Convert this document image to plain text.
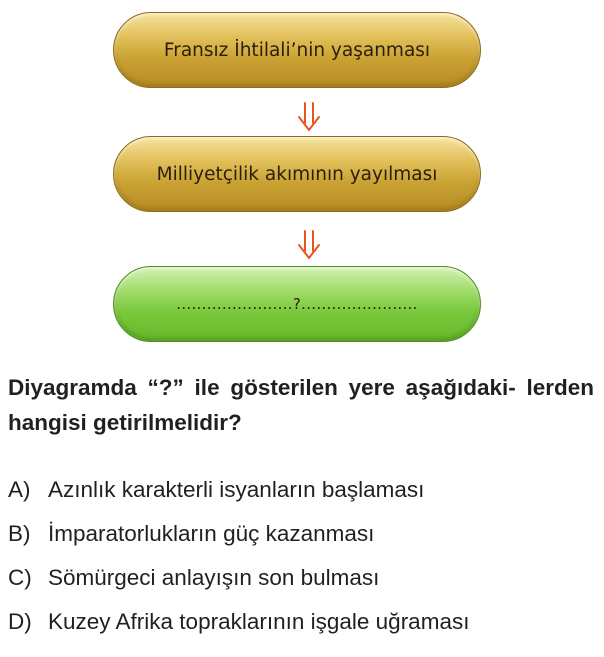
Fransız İhtilali’nin yaşanması
Milliyetçilik akımının yayılması
.......................?.......................
Diyagramda “?” ile gösterilen yere aşağıdaki- lerden hangisi getirilmelidir?
A) Azınlık karakterli isyanların başlaması
B) İmparatorlukların güç kazanması
C) Sömürgeci anlayışın son bulması
D) Kuzey Afrika topraklarının işgale uğraması
